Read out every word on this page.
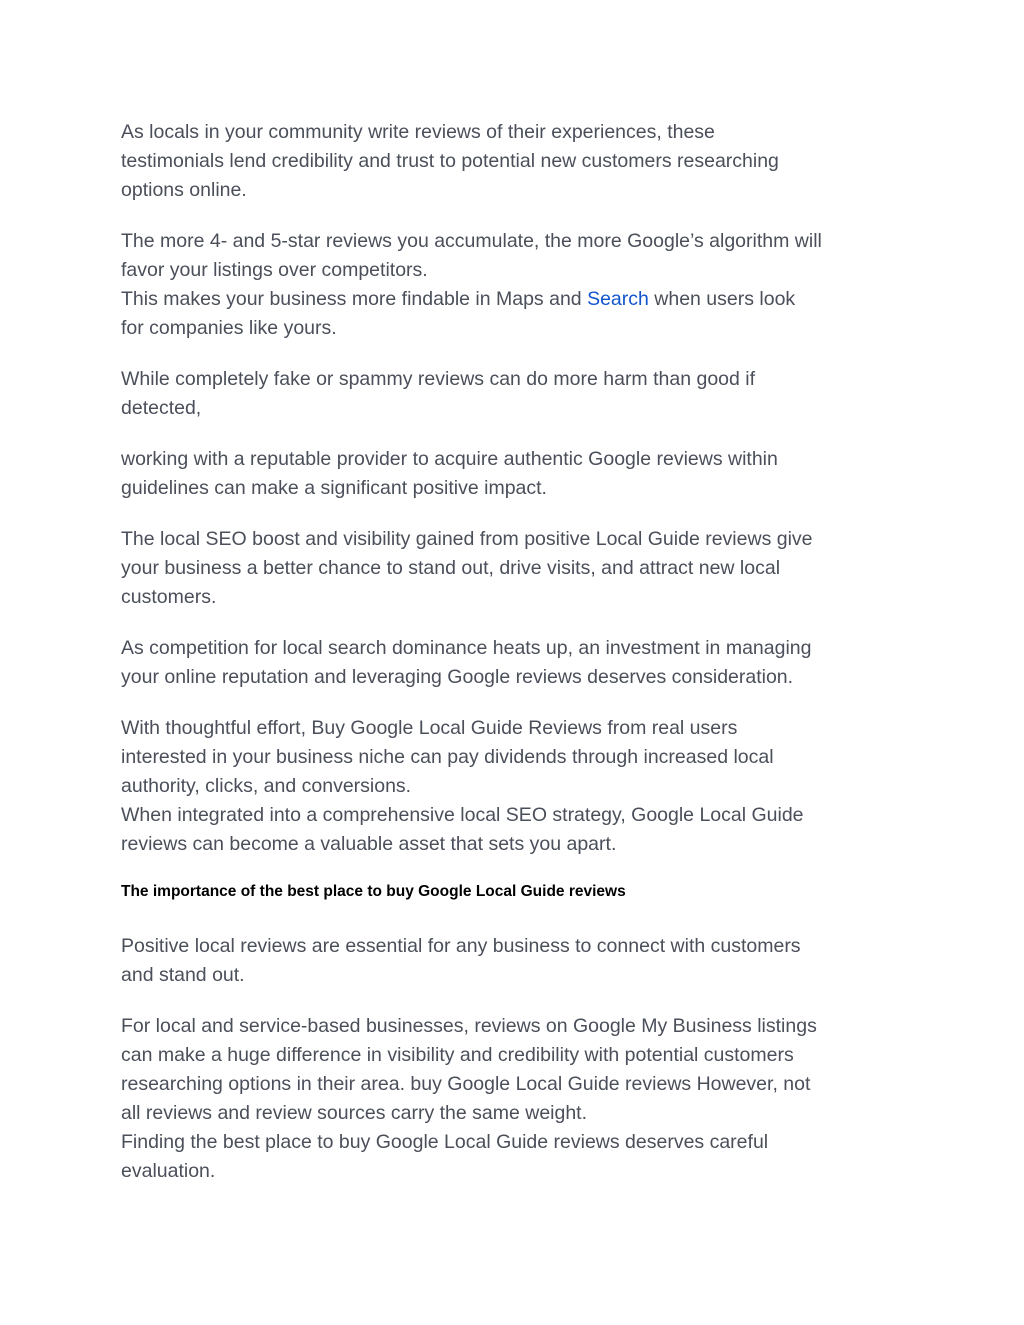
As locals in your community write reviews of their experiences, these
testimonials lend credibility and trust to potential new customers researching
options online.

The more 4- and 5-star reviews you accumulate, the more Google’s algorithm will
favor your listings over competitors.
This makes your business more findable in Maps and Search when users look
for companies like yours.

While completely fake or spammy reviews can do more harm than good if
detected,

working with a reputable provider to acquire authentic Google reviews within
guidelines can make a significant positive impact.

The local SEO boost and visibility gained from positive Local Guide reviews give
your business a better chance to stand out, drive visits, and attract new local
customers.

As competition for local search dominance heats up, an investment in managing
your online reputation and leveraging Google reviews deserves consideration.

With thoughtful effort, Buy Google Local Guide Reviews from real users
interested in your business niche can pay dividends through increased local
authority, clicks, and conversions.
When integrated into a comprehensive local SEO strategy, Google Local Guide
reviews can become a valuable asset that sets you apart.

The importance of the best place to buy Google Local Guide reviews

Positive local reviews are essential for any business to connect with customers
and stand out.

For local and service-based businesses, reviews on Google My Business listings
can make a huge difference in visibility and credibility with potential customers
researching options in their area. buy Google Local Guide reviews However, not
all reviews and review sources carry the same weight.
Finding the best place to buy Google Local Guide reviews deserves careful
evaluation.
